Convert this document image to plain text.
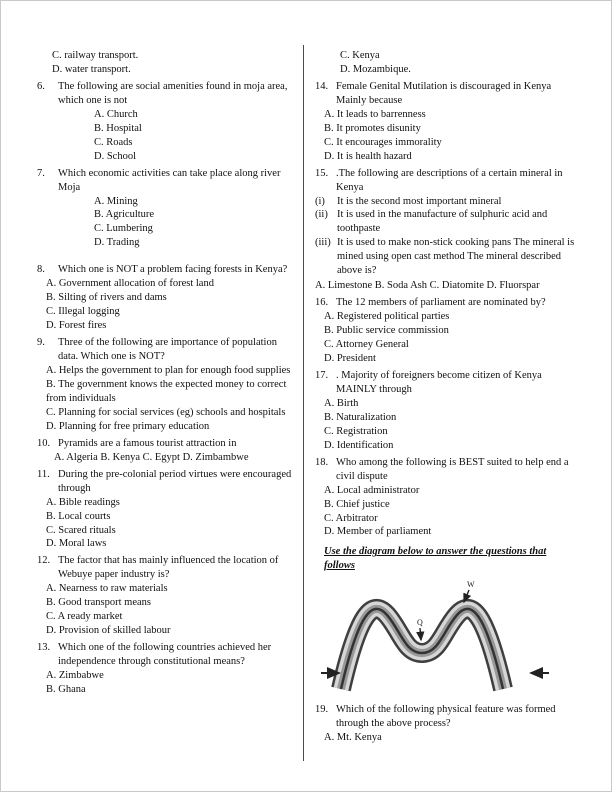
C. railway transport.
D. water transport.
6.	The following are social amenities found in moja area, which one is not
A. Church
B. Hospital
C. Roads
D. School
7.	Which economic activities can take place along river Moja
A. Mining
B. Agriculture
C. Lumbering
D. Trading
8.	Which one is NOT a problem facing forests in Kenya?
A. Government allocation of forest land
B. Silting of rivers and dams
C. Illegal logging
D. Forest fires
9.	Three of the following are importance of population data. Which one is NOT?
A. Helps the government to plan for enough food supplies
B. The government knows the expected money to correct from individuals
C. Planning for social services (eg) schools and hospitals
D. Planning for free primary education
10. Pyramids are a famous tourist attraction in
A. Algeria B. Kenya C. Egypt D. Zimbambwe
11. During the pre-colonial period virtues were encouraged through
A. Bible readings
B. Local courts
C. Scared rituals
D. Moral laws
12. The factor that has mainly influenced the location of Webuye paper industry is?
A. Nearness to raw materials
B. Good transport means
C. A ready market
D. Provision of skilled labour
13. Which one of the following countries achieved her independence through constitutional means?
A. Zimbabwe
B. Ghana
C. Kenya
D. Mozambique.
14. Female Genital Mutilation is discouraged in Kenya Mainly because
A. It leads to barrenness
B. It promotes disunity
C. It encourages immorality
D. It is health hazard
15. .The following are descriptions of a certain mineral in Kenya
(i)	It is the second most important mineral
(ii) It is used in the manufacture of sulphuric acid and toothpaste
(iii) It is used to make non-stick cooking pans The mineral is mined using open cast method The mineral described above is?
A. Limestone B. Soda Ash C. Diatomite D. Fluorspar
16. The 12 members of parliament are nominated by?
A. Registered political parties
B. Public service commission
C. Attorney General
D. President
17. . Majority of foreigners become citizen of Kenya MAINLY through
A. Birth
B. Naturalization
C. Registration
D. Identification
18. Who among the following is BEST suited to help end a civil dispute
A. Local administrator
B. Chief justice
C. Arbitrator
D. Member of parliament
Use the diagram below to answer the questions that follows
W
Q
19. Which of the following physical feature was formed through the above process?
A. Mt. Kenya
